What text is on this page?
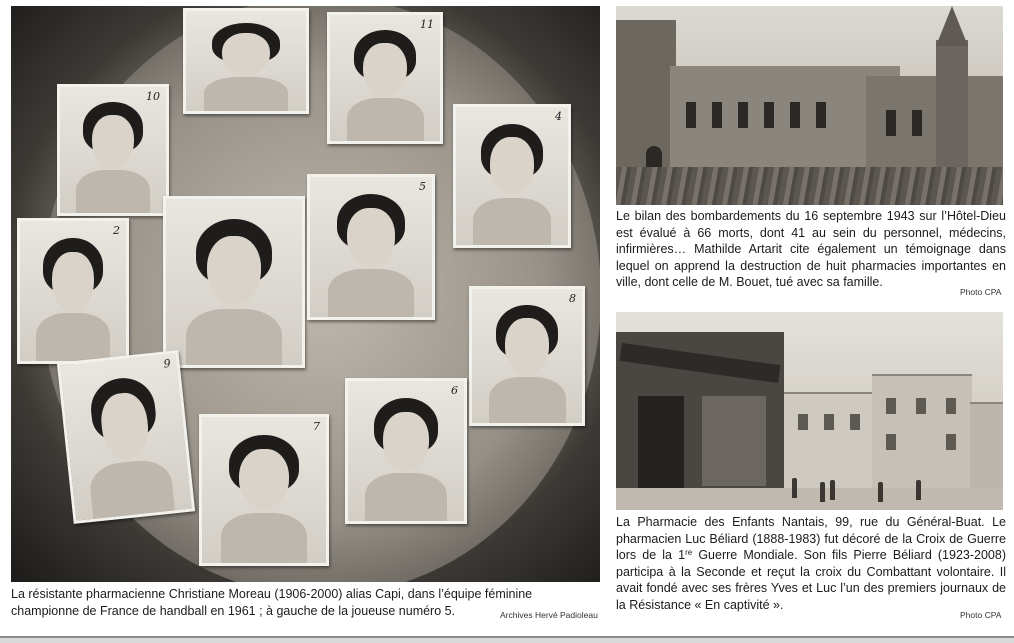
10
11
4
2
5
8
9
7
6

La résistante pharmacienne Christiane Moreau (1906-2000) alias Capi, dans l’équipe féminine championne de France de handball en 1961 ; à gauche de la joueuse numéro 5.	Archives Hervé Padioleau

Le bilan des bombardements du 16 septembre 1943 sur l’Hôtel-Dieu est évalué à 66 morts, dont 41 au sein du personnel, médecins, infirmières… Mathilde Artarit cite également un témoignage dans lequel on apprend la destruction de huit pharmacies importantes en ville, dont celle de M. Bouet, tué avec sa famille.

Photo CPA

La Pharmacie des Enfants Nantais, 99, rue du Général-Buat. Le pharmacien Luc Béliard (1888-1983) fut décoré de la Croix de Guerre lors de la 1re Guerre Mondiale. Son fils Pierre Béliard (1923-2008) participa à la Seconde et reçut la croix du Combattant volontaire. Il avait fondé avec ses frères Yves et Luc l’un des premiers journaux de la Résistance « En captivité ».

Photo CPA
